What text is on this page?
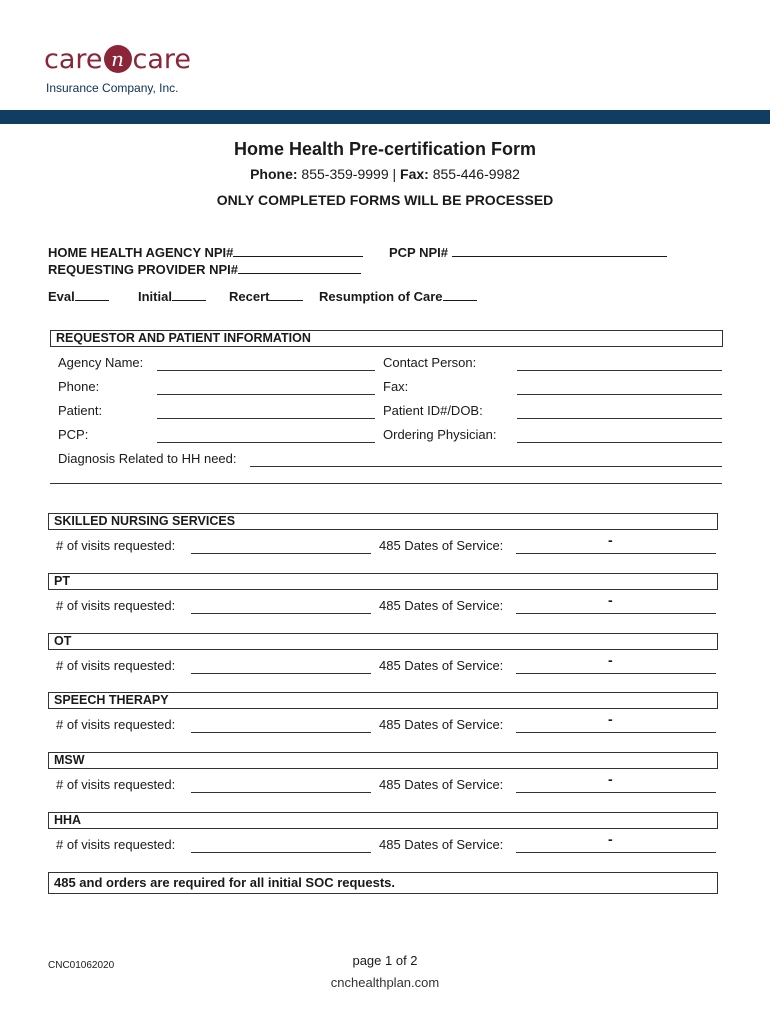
care n care
Insurance Company, Inc.
Home Health Pre-certification Form
Phone: 855-359-9999 | Fax: 855-446-9982
ONLY COMPLETED FORMS WILL BE PROCESSED
HOME HEALTH AGENCY NPI#	PCP NPI#
REQUESTING PROVIDER NPI#
Eval	Initial	Recert	Resumption of Care
REQUESTOR AND PATIENT INFORMATION
Agency Name:	Contact Person:
Phone:	Fax:
Patient:	Patient ID#/DOB:
PCP:	Ordering Physician:
Diagnosis Related to HH need:
SKILLED NURSING SERVICES
# of visits requested:	485 Dates of Service:	-
PT
# of visits requested:	485 Dates of Service:	-
OT
# of visits requested:	485 Dates of Service:	-
SPEECH THERAPY
# of visits requested:	485 Dates of Service:	-
MSW
# of visits requested:	485 Dates of Service:	-
HHA
# of visits requested:	485 Dates of Service:	-
485 and orders are required for all initial SOC requests.
CNC01062020	page 1 of 2
cnchealthplan.com
